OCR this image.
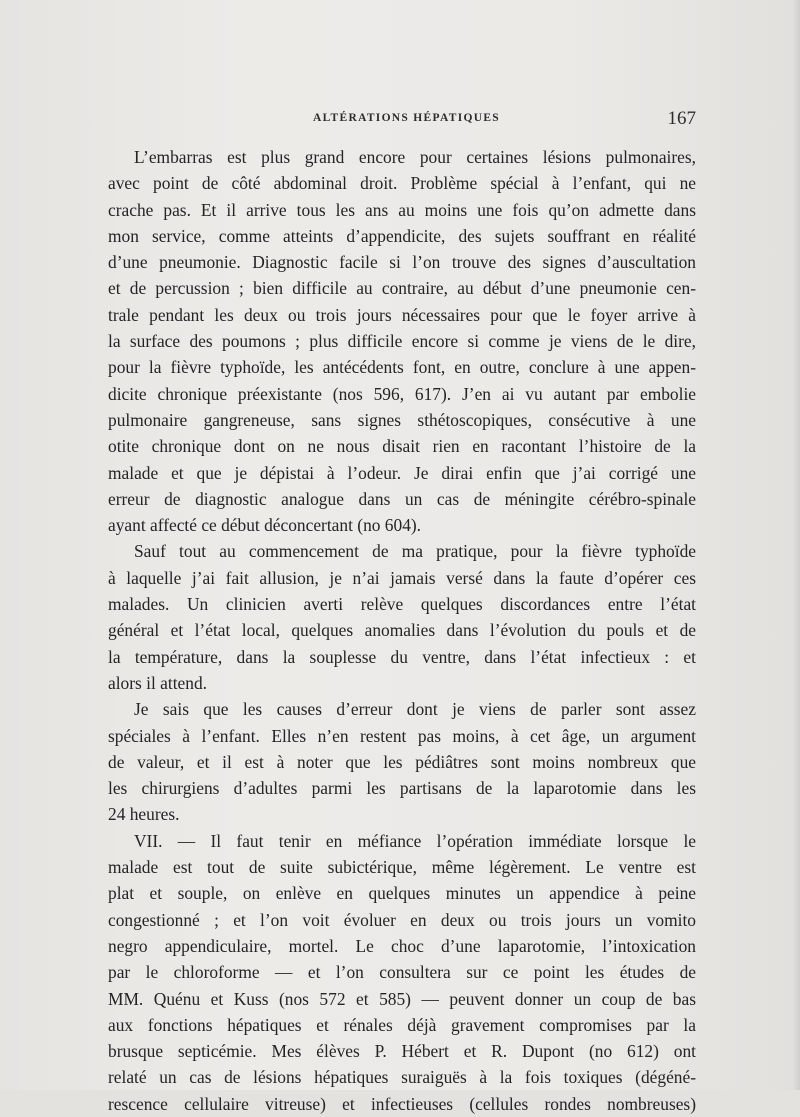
ALTÉRATIONS HÉPATIQUES	167
L’embarras est plus grand encore pour certaines lésions pulmonaires,
avec point de côté abdominal droit. Problème spécial à l’enfant, qui ne
crache pas. Et il arrive tous les ans au moins une fois qu’on admette dans
mon service, comme atteints d’appendicite, des sujets souffrant en réalité
d’une pneumonie. Diagnostic facile si l’on trouve des signes d’auscultation
et de percussion ; bien difficile au contraire, au début d’une pneumonie cen-
trale pendant les deux ou trois jours nécessaires pour que le foyer arrive à
la surface des poumons ; plus difficile encore si comme je viens de le dire,
pour la fièvre typhoïde, les antécédents font, en outre, conclure à une appen-
dicite chronique préexistante (nos 596, 617). J’en ai vu autant par embolie
pulmonaire gangreneuse, sans signes sthétoscopiques, consécutive à une
otite chronique dont on ne nous disait rien en racontant l’histoire de la
malade et que je dépistai à l’odeur. Je dirai enfin que j’ai corrigé une
erreur de diagnostic analogue dans un cas de méningite cérébro-spinale
ayant affecté ce début déconcertant (no 604).
Sauf tout au commencement de ma pratique, pour la fièvre typhoïde
à laquelle j’ai fait allusion, je n’ai jamais versé dans la faute d’opérer ces
malades. Un clinicien averti relève quelques discordances entre l’état
général et l’état local, quelques anomalies dans l’évolution du pouls et de
la température, dans la souplesse du ventre, dans l’état infectieux : et
alors il attend.
Je sais que les causes d’erreur dont je viens de parler sont assez
spéciales à l’enfant. Elles n’en restent pas moins, à cet âge, un argument
de valeur, et il est à noter que les pédiâtres sont moins nombreux que
les chirurgiens d’adultes parmi les partisans de la laparotomie dans les
24 heures.
VII. — Il faut tenir en méfiance l’opération immédiate lorsque le
malade est tout de suite subictérique, même légèrement. Le ventre est
plat et souple, on enlève en quelques minutes un appendice à peine
congestionné ; et l’on voit évoluer en deux ou trois jours un vomito
negro appendiculaire, mortel. Le choc d’une laparotomie, l’intoxication
par le chloroforme — et l’on consultera sur ce point les études de
MM. Quénu et Kuss (nos 572 et 585) — peuvent donner un coup de bas
aux fonctions hépatiques et rénales déjà gravement compromises par la
brusque septicémie. Mes élèves P. Hébert et R. Dupont (no 612) ont
relaté un cas de lésions hépatiques suraiguës à la fois toxiques (dégéné-
rescence cellulaire vitreuse) et infectieuses (cellules rondes nombreuses)
